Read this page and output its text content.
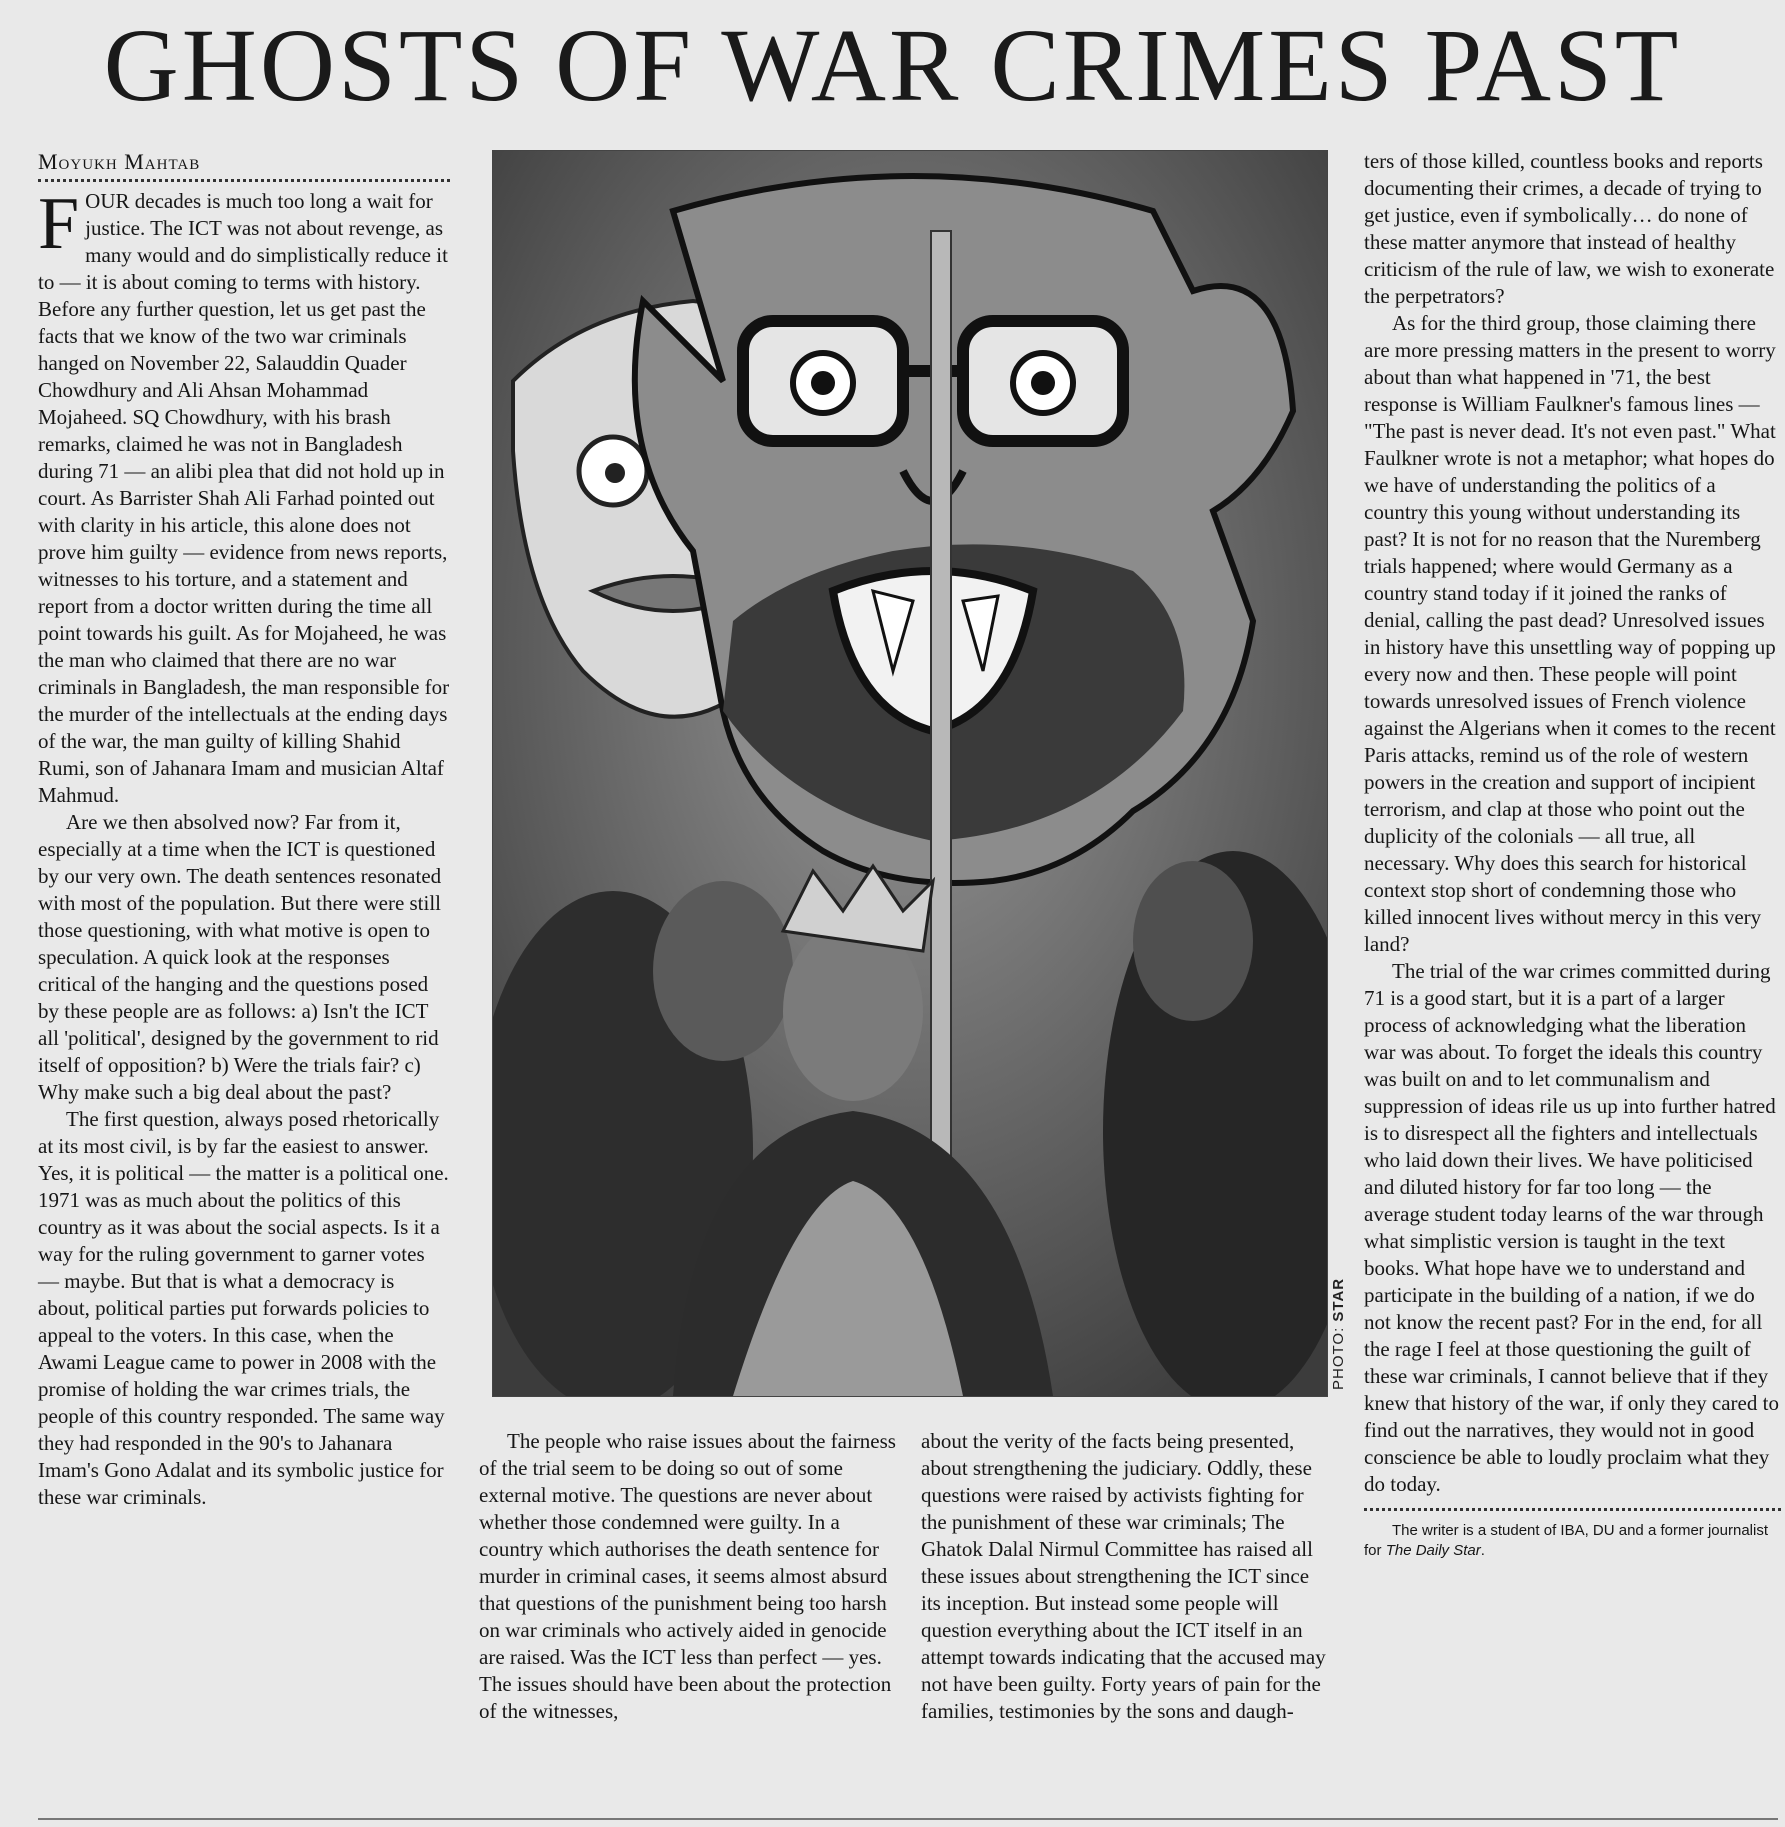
GHOSTS OF WAR CRIMES PAST
Moyukh Mahtab

FOUR decades is much too long a wait for justice. The ICT was not about revenge, as many would and do simplistically reduce it to — it is about coming to terms with history. Before any further question, let us get past the facts that we know of the two war criminals hanged on November 22, Salauddin Quader Chowdhury and Ali Ahsan Mohammad Mojaheed. SQ Chowdhury, with his brash remarks, claimed he was not in Bangladesh during 71 — an alibi plea that did not hold up in court. As Barrister Shah Ali Farhad pointed out with clarity in his article, this alone does not prove him guilty — evidence from news reports, witnesses to his torture, and a statement and report from a doctor written during the time all point towards his guilt. As for Mojaheed, he was the man who claimed that there are no war criminals in Bangladesh, the man responsible for the murder of the intellectuals at the ending days of the war, the man guilty of killing Shahid Rumi, son of Jahanara Imam and musician Altaf Mahmud.

Are we then absolved now? Far from it, especially at a time when the ICT is questioned by our very own. The death sentences resonated with most of the population. But there were still those questioning, with what motive is open to speculation. A quick look at the responses critical of the hanging and the questions posed by these people are as follows: a) Isn't the ICT all 'political', designed by the government to rid itself of opposition? b) Were the trials fair? c) Why make such a big deal about the past?

The first question, always posed rhetorically at its most civil, is by far the easiest to answer. Yes, it is political — the matter is a political one. 1971 was as much about the politics of this country as it was about the social aspects. Is it a way for the ruling government to garner votes — maybe. But that is what a democracy is about, political parties put forwards policies to appeal to the voters. In this case, when the Awami League came to power in 2008 with the promise of holding the war crimes trials, the people of this country responded. The same way they had responded in the 90's to Jahanara Imam's Gono Adalat and its symbolic justice for these war criminals.

PHOTO: STAR

The people who raise issues about the fairness of the trial seem to be doing so out of some external motive. The questions are never about whether those condemned were guilty. In a country which authorises the death sentence for murder in criminal cases, it seems almost absurd that questions of the punishment being too harsh on war criminals who actively aided in genocide are raised. Was the ICT less than perfect — yes. The issues should have been about the protection of the witnesses,

about the verity of the facts being presented, about strengthening the judiciary. Oddly, these questions were raised by activists fighting for the punishment of these war criminals; The Ghatok Dalal Nirmul Committee has raised all these issues about strengthening the ICT since its inception. But instead some people will question everything about the ICT itself in an attempt towards indicating that the accused may not have been guilty. Forty years of pain for the families, testimonies by the sons and daugh-

ters of those killed, countless books and reports documenting their crimes, a decade of trying to get justice, even if symbolically… do none of these matter anymore that instead of healthy criticism of the rule of law, we wish to exonerate the perpetrators?

As for the third group, those claiming there are more pressing matters in the present to worry about than what happened in '71, the best response is William Faulkner's famous lines — "The past is never dead. It's not even past." What Faulkner wrote is not a metaphor; what hopes do we have of understanding the politics of a country this young without understanding its past? It is not for no reason that the Nuremberg trials happened; where would Germany as a country stand today if it joined the ranks of denial, calling the past dead? Unresolved issues in history have this unsettling way of popping up every now and then. These people will point towards unresolved issues of French violence against the Algerians when it comes to the recent Paris attacks, remind us of the role of western powers in the creation and support of incipient terrorism, and clap at those who point out the duplicity of the colonials — all true, all necessary. Why does this search for historical context stop short of condemning those who killed innocent lives without mercy in this very land?

The trial of the war crimes committed during 71 is a good start, but it is a part of a larger process of acknowledging what the liberation war was about. To forget the ideals this country was built on and to let communalism and suppression of ideas rile us up into further hatred is to disrespect all the fighters and intellectuals who laid down their lives. We have politicised and diluted history for far too long — the average student today learns of the war through what simplistic version is taught in the text books. What hope have we to understand and participate in the building of a nation, if we do not know the recent past? For in the end, for all the rage I feel at those questioning the guilt of these war criminals, I cannot believe that if they knew that history of the war, if only they cared to find out the narratives, they would not in good conscience be able to loudly proclaim what they do today.

The writer is a student of IBA, DU and a former journalist for The Daily Star.
